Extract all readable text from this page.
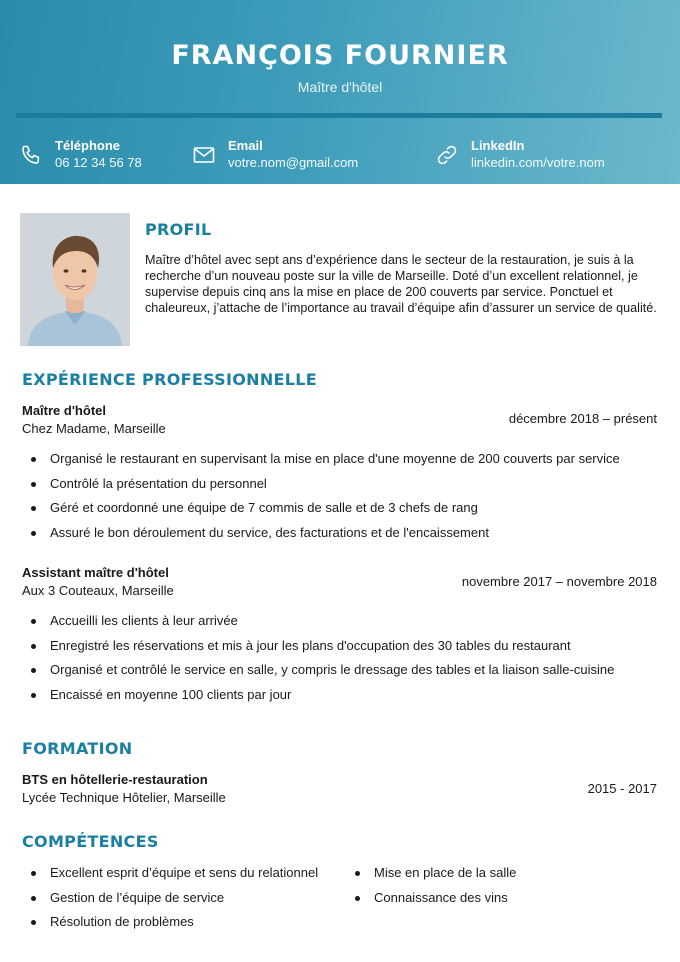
FRANÇOIS FOURNIER
Maître d'hôtel
Téléphone
06 12 34 56 78
Email
votre.nom@gmail.com
LinkedIn
linkedin.com/votre.nom
PROFIL
Maître d’hôtel avec sept ans d’expérience dans le secteur de la restauration, je suis à la recherche d’un nouveau poste sur la ville de Marseille. Doté d’un excellent relationnel, je supervise depuis cinq ans la mise en place de 200 couverts par service. Ponctuel et chaleureux, j’attache de l’importance au travail d’équipe afin d’assurer un service de qualité.
EXPÉRIENCE PROFESSIONNELLE
Maître d'hôtel
Chez Madame, Marseille
décembre 2018 – présent
Organisé le restaurant en supervisant la mise en place d'une moyenne de 200 couverts par service
Contrôlé la présentation du personnel
Géré et coordonné une équipe de 7 commis de salle et de 3 chefs de rang
Assuré le bon déroulement du service, des facturations et de l'encaissement
Assistant maître d'hôtel
Aux 3 Couteaux, Marseille
novembre 2017 – novembre 2018
Accueilli les clients à leur arrivée
Enregistré les réservations et mis à jour les plans d'occupation des 30 tables du restaurant
Organisé et contrôlé le service en salle, y compris le dressage des tables et la liaison salle-cuisine
Encaissé en moyenne 100 clients par jour
FORMATION
BTS en hôtellerie-restauration
Lycée Technique Hôtelier, Marseille
2015 - 2017
COMPÉTENCES
Excellent esprit d’équipe et sens du relationnel
Gestion de l’équipe de service
Résolution de problèmes
Mise en place de la salle
Connaissance des vins
